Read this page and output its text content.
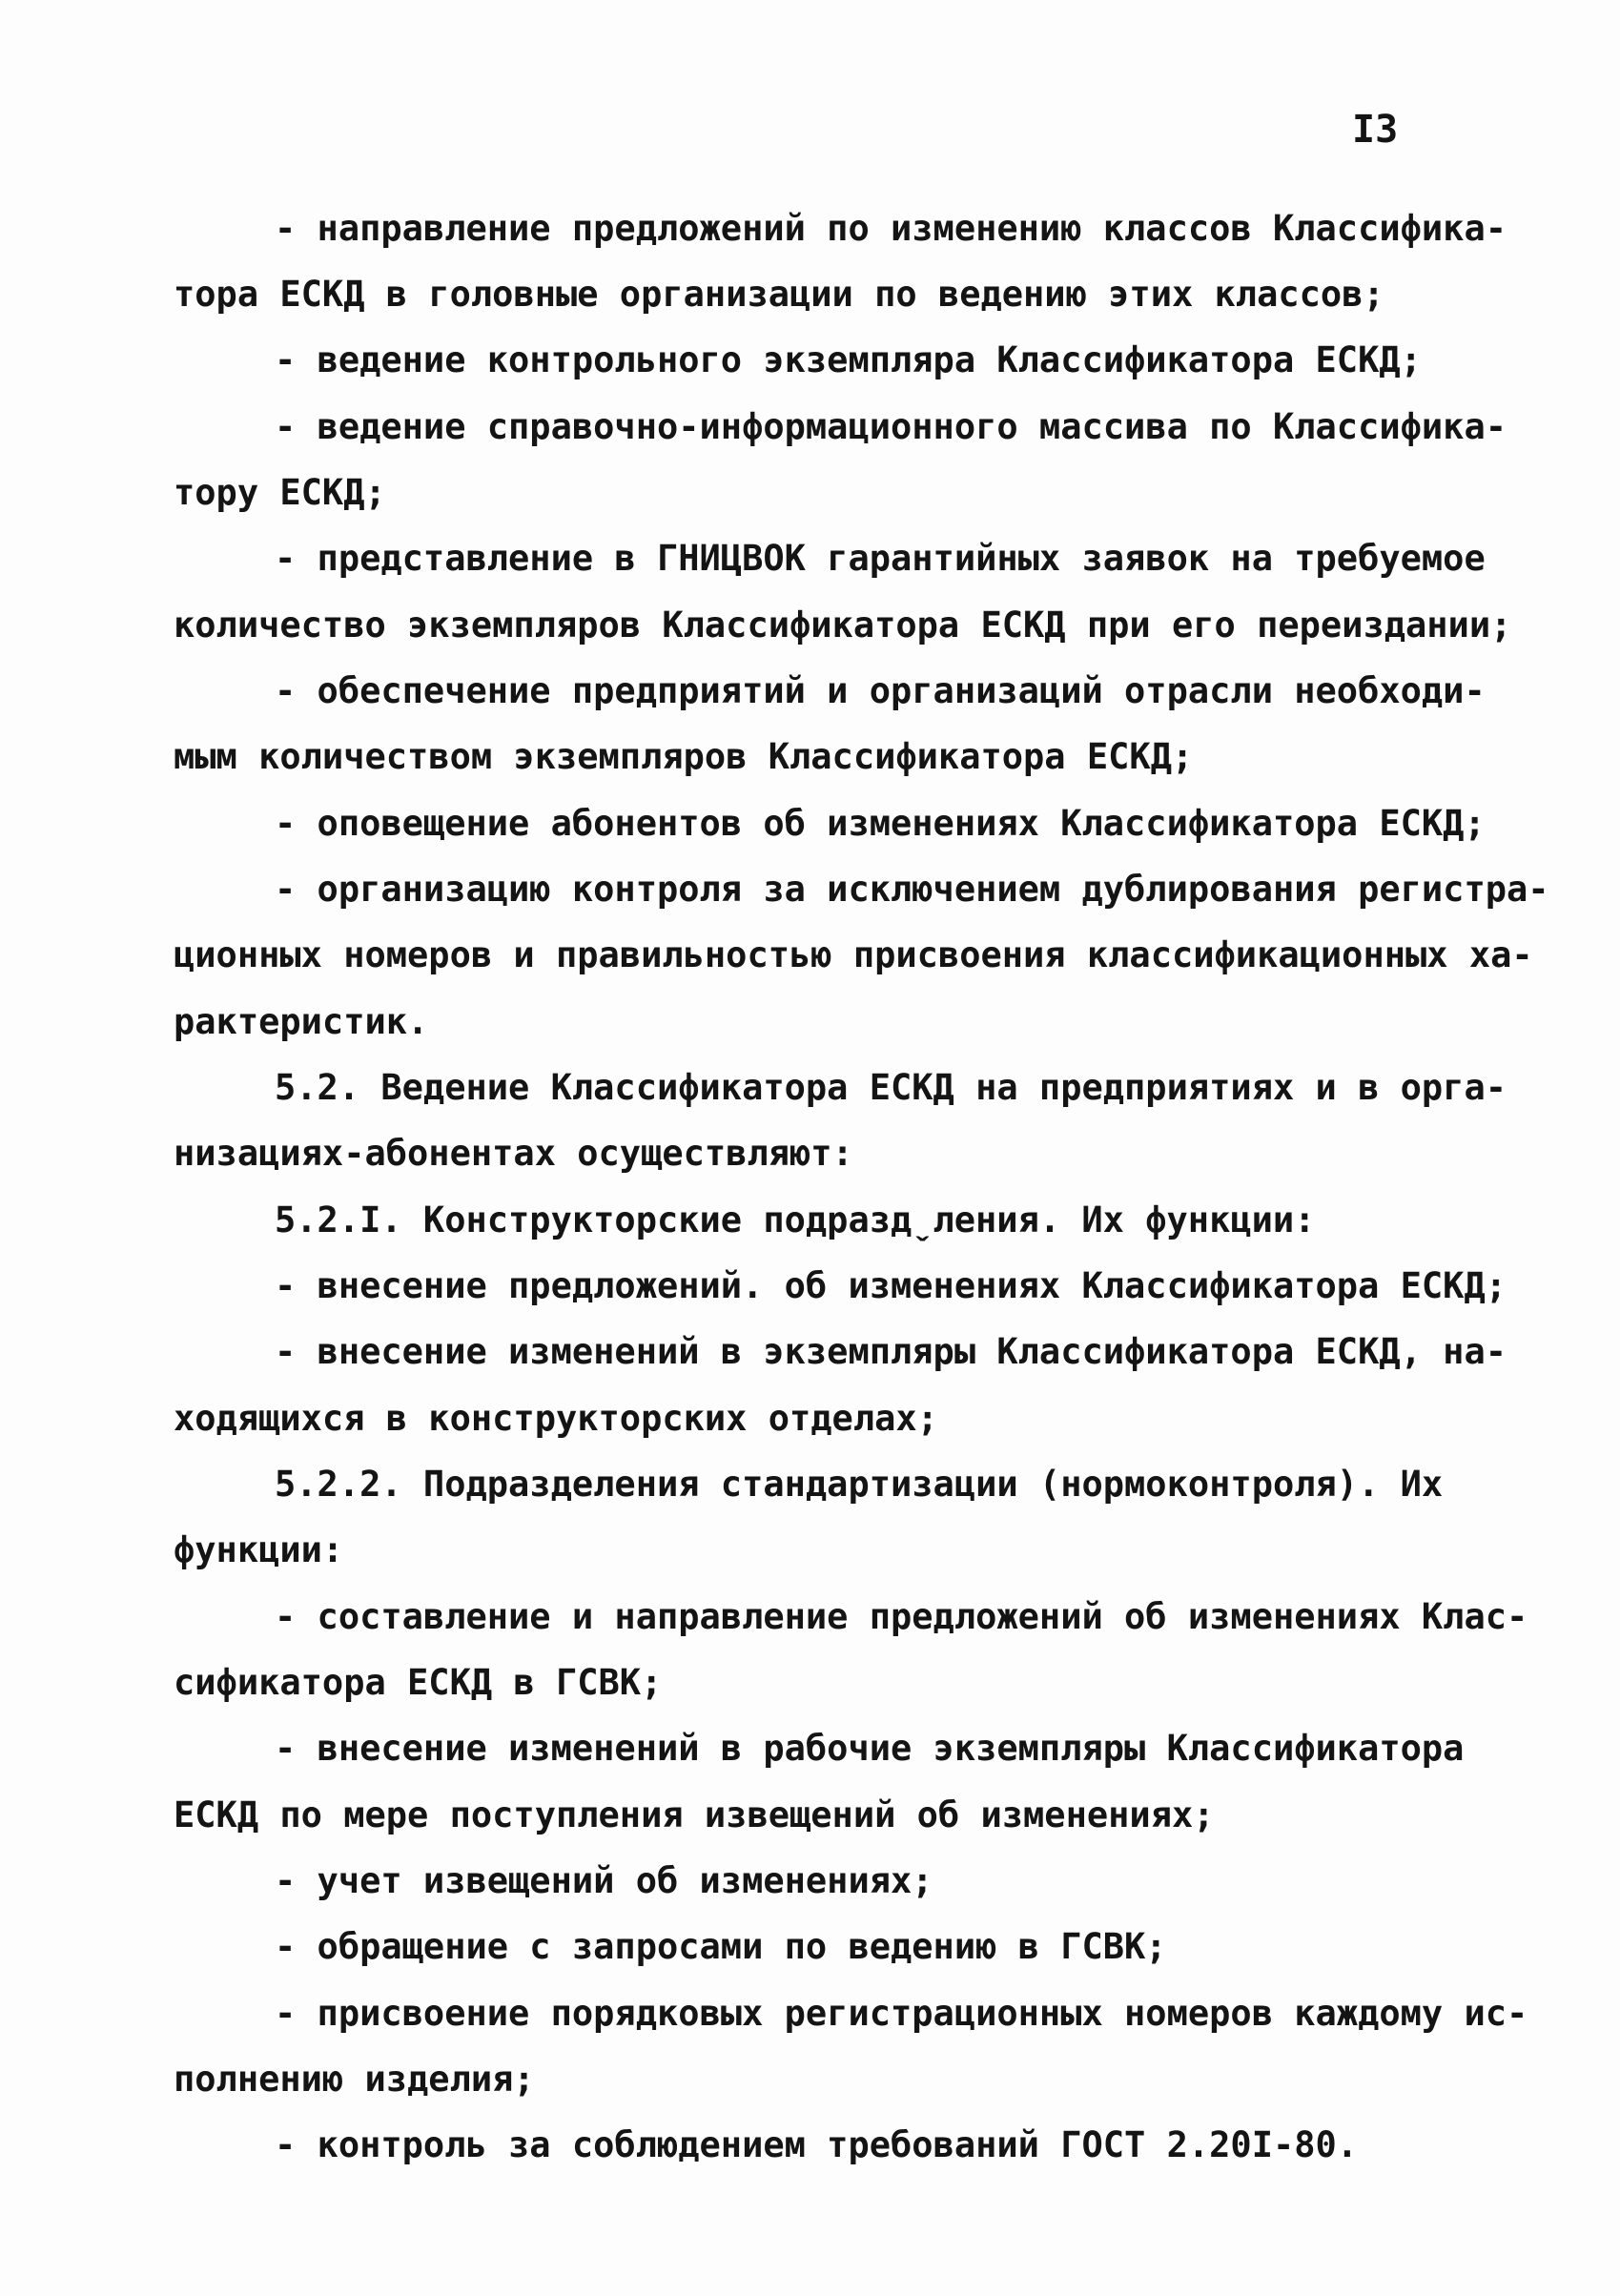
I3
- направление предложений по изменению классов Классифика-
тора ЕСКД в головные организации по ведению этих классов;
- ведение контрольного экземпляра Классификатора ЕСКД;
- ведение справочно-информационного массива по Классифика-
тору ЕСКД;
- представление в ГНИЦВОК гарантийных заявок на требуемое
количество экземпляров Классификатора ЕСКД при его переиздании;
- обеспечение предприятий и организаций отрасли необходи-
мым количеством экземпляров Классификатора ЕСКД;
- оповещение абонентов об изменениях Классификатора ЕСКД;
- организацию контроля за исключением дублирования регистра-
ционных номеров и правильностью присвоения классификационных ха-
рактеристик.
5.2. Ведение Классификатора ЕСКД на предприятиях и в орга-
низациях-абонентах осуществляют:
5.2.I. Конструкторские подраздˬления. Их функции:
- внесение предложений. об изменениях Классификатора ЕСКД;
- внесение изменений в экземпляры Классификатора ЕСКД, на-
ходящихся в конструкторских отделах;
5.2.2. Подразделения стандартизации (нормоконтроля). Их
функции:
- составление и направление предложений об изменениях Клас-
сификатора ЕСКД в ГСВК;
- внесение изменений в рабочие экземпляры Классификатора
ЕСКД по мере поступления извещений об изменениях;
- учет извещений об изменениях;
- обращение с запросами по ведению в ГСВК;
- присвоение порядковых регистрационных номеров каждому ис-
полнению изделия;
- контроль за соблюдением требований ГОСТ 2.20I-80.
